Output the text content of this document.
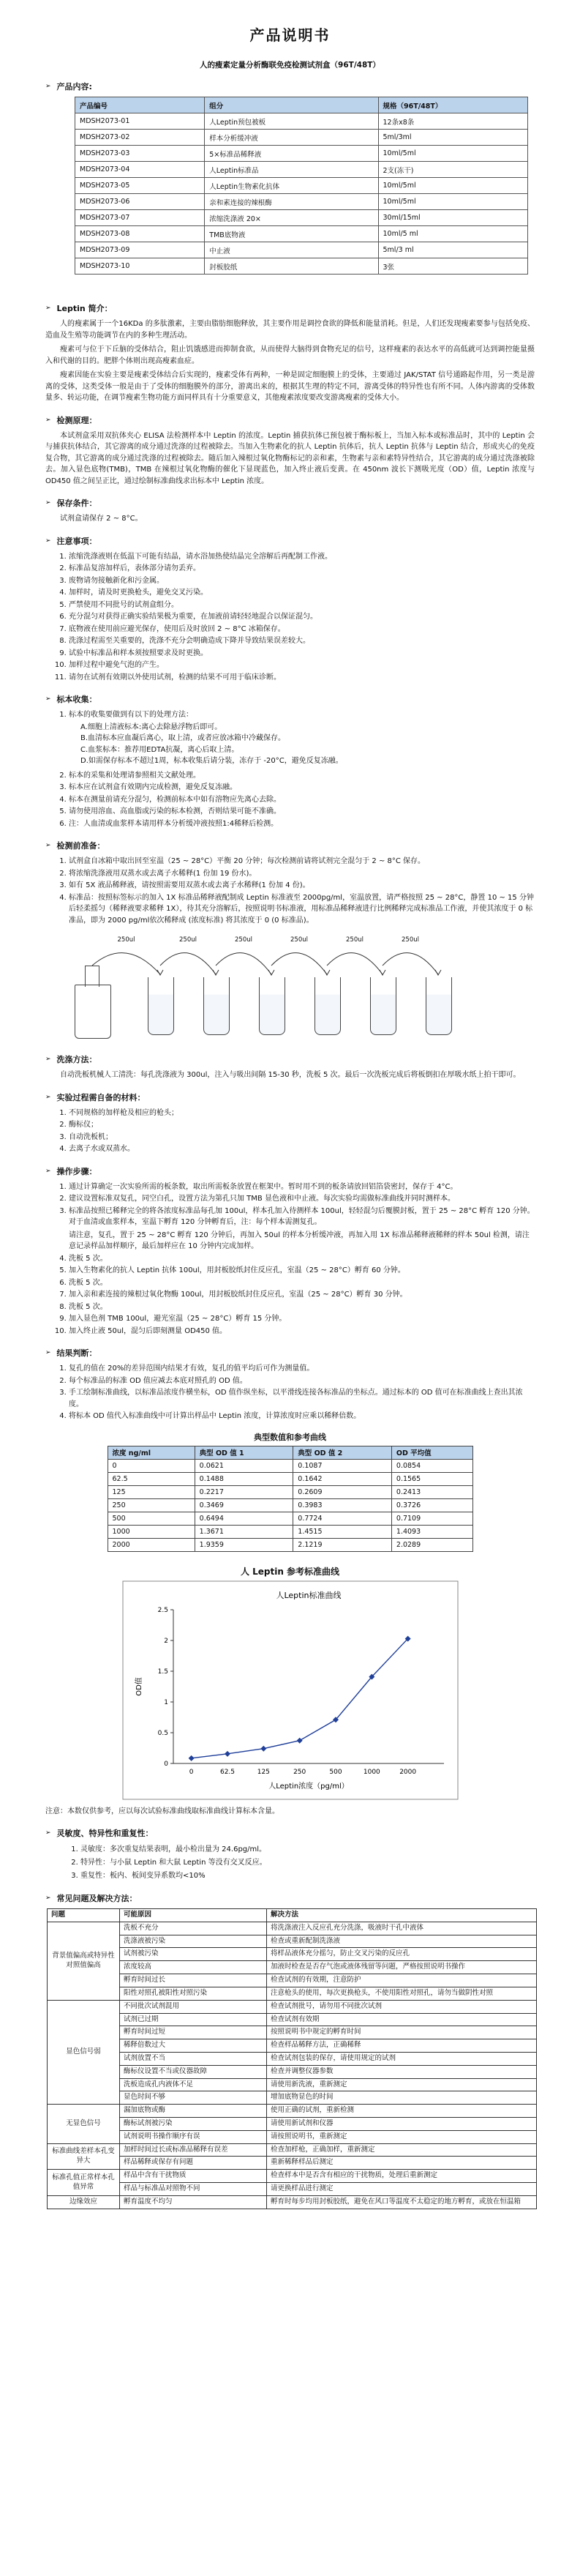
产品说明书
人的瘦素定量分析酶联免疫检测试剂盒（96T/48T）
➢ 产品内容:
产品编号	组分	规格（96T/48T）
MDSH2073-01	人Leptin预包被板	12条x8条
MDSH2073-02	样本分析缓冲液	5ml/3ml
MDSH2073-03	5×标准品稀释液	10ml/5ml
MDSH2073-04	人Leptin标准品	2支(冻干)
MDSH2073-05	人Leptin生物素化抗体	10ml/5ml
MDSH2073-06	亲和素连接的辣根酶	10ml/5ml
MDSH2073-07	浓缩洗涤液 20×	30ml/15ml
MDSH2073-08	TMB底物液	10ml/5 ml
MDSH2073-09	中止液	5ml/3 ml
MDSH2073-10	封板胶纸	3张
➢ Leptin 简介：

人的瘦素属于一个16KDa 的多肽激素，主要由脂肪细胞释放，其主要作用是调控食欲的降低和能量消耗。但是，人们还发现瘦素要参与包括免疫、造血及生殖等功能调节在内的多种生理活动。

瘦素可与位于下丘脑的受体结合，阻止饥饿感进而抑制食欲，从而使得大脑得到食物充足的信号，这样瘦素的表达水平的高低就可达到调控能量摄入和代谢的目的。肥胖个体则出现高瘦素血症。

瘦素因能在实验主要是瘦素受体结合后实现的，瘦素受体有两种，一种是固定细胞膜上的受体，主要通过 JAK/STAT 信号通路起作用，另一类是游离的受体，这类受体一般是由于了受体的细胞膜外的部分，游离出来的，根据其生理的特定不同，游离受体的特异性也有所不同。人体内游离的受体数量多、转运功能，在调节瘦素生物功能方面同样具有十分重要意义，其他瘦素浓度要改变游离瘦素的受体大小。

➢ 检测原理：

本试剂盒采用双抗体夹心 ELISA 法检测样本中 Leptin 的浓度。Leptin 捕获抗体已预包被于酶标板上，当加入标本或标准品时，其中的 Leptin 会与捕获抗体结合，其它游离的成分通过洗涤的过程被除去。当加入生物素化的抗人 Leptin 抗体后，抗人 Leptin 抗体与 Leptin 结合，形成夹心的免疫复合物，其它游离的成分通过洗涤的过程被除去。随后加入辣根过氧化物酶标记的亲和素，生物素与亲和素特异性结合，其它游离的成分通过洗涤被除去。加入显色底物(TMB)，TMB 在辣根过氧化物酶的催化下显现蓝色，加入终止液后变黄。在 450nm 波长下测吸光度（OD）值，Leptin 浓度与 OD450 值之间呈正比，通过绘制标准曲线求出标本中 Leptin 浓度。

➢ 保存条件：

试剂盒请保存 2 ~ 8°C。

➢ 注意事项：
1. 浓缩洗涤液则在低温下可能有结晶，请水浴加热使结晶完全溶解后再配制工作液。
2. 标准品复溶加样后，表体部分请勿丢弃。
3. 废物请勿接触新化和污金属。
4. 加样时，请及时更换枪头，避免交叉污染。
5. 严禁使用不同批号的试剂盒组分。
6. 充分混匀对获得正确实验结果极为重要，在加液前请轻轻地混合以保证混匀。
7. 底物液在使用前应避光保存，使用后及时放回 2 ~ 8°C 冰箱保存。
8. 洗涤过程需至关重要的，洗涤不充分会明确造成下降并导致结果误差较大。
9. 试验中标准品和样本须按照要求及时更换。
10. 加样过程中避免气泡的产生。
11. 请勿在试剂有效期以外使用试剂，检测的结果不可用于临床诊断。
➢ 标本收集：
1. 标本的收集要做到有以下的处理方法：
A.细胞上清液标本:离心去除悬浮物后即可。
B.血清标本应血凝后离心，取上清，或者应放冰箱中冷藏保存。
C.血浆标本：推荐用EDTA抗凝，离心后取上清。
D.如需保存标本不超过1周，标本收集后请分装，冻存于 -20°C，避免反复冻融。
2. 标本的采集和处理请参照相关文献处理。
3. 标本应在试剂盒有效期内完成检测，避免反复冻融。
4. 标本在测量前请充分混匀，检测前标本中如有溶物应先离心去除。
5. 请勿使用溶血、高血脂或污染的标本检测，否则结果可能不准确。
6. 注：人血清或血浆样本请用样本分析缓冲液按照1:4稀释后检测。
➢ 检测前准备：
1. 试剂盒自冰箱中取出回至室温（25 ~ 28°C）平衡 20 分钟；每次检测前请将试剂完全混匀于 2 ~ 8°C 保存。
2. 将浓缩洗涤液用双蒸水或去离子水稀释(1 份加 19 份水)。
3. 如有 5X 液品稀释液，请按照需要用双蒸水或去离子水稀释(1 份加 4 份)。
4. 标准品：按照标签标示的加入 1X 标准品稀释液配制成 Leptin 标准液至 2000pg/ml，室温放置，请严格按照 25 ~ 28°C，静置 10 ~ 15 分钟后轻柔摇匀（稀释液要求稀释 1X），待其充分溶解后，按照说明书标准液，用标准品稀释液进行比例稀释完成标准品工作液，并使其浓度于 0 标准品，即为 2000 pg/ml依次稀释成 (浓度标准) 将其浓度于 0 (0 标准品)。
250ul	250ul	250ul	250ul	250ul	250ul
➢ 洗涤方法：

自动洗板机械人工清洗：每孔洗涤液为 300ul，注入与吸出间隔 15-30 秒，洗板 5 次。最后一次洗板完成后将板倒扣在厚吸水纸上拍干即可。

➢ 实验过程需自备的材料：
1. 不同规格的加样枪及相应的枪头；
2. 酶标仪；
3. 自动洗板机；
4. 去离子水或双蒸水。
➢ 操作步骤：
1. 通过计算确定一次实验所需的板条数，取出所需板条放置在框架中。暂时用不到的板条请放回铝箔袋密封，保存于 4°C。
2. 建议设置标准双复孔，同空白孔，设置方法为第孔只加 TMB 显色液和中止液。每次实验均需做标准曲线并同时测样本。
3. 标准品按照已稀释完全的将各浓度标准品每孔加 100ul，样本孔加入待测样本 100ul，轻轻混匀后覆膜封板，置于 25 ~ 28°C 孵育 120 分钟。对于血清或血浆样本，室温下孵育 120 分钟孵育后，注：每个样本需测复孔。
请注意，复孔，置于 25 ~ 28°C 孵育 120 分钟后，再加入 50ul 的样本分析缓冲液，再加入用 1X 标准品稀释液稀释的样本 50ul 检测，请注意记录样品加样顺序，最后加样应在 10 分钟内完成加样。
4. 洗板 5 次。
5. 加入生物素化的抗人 Leptin 抗体 100ul，用封板胶纸封住反应孔，室温（25 ~ 28°C）孵育 60 分钟。
6. 洗板 5 次。
7. 加入亲和素连接的辣根过氧化物酶 100ul，用封板胶纸封住反应孔，室温（25 ~ 28°C）孵育 30 分钟。
8. 洗板 5 次。
9. 加入显色剂 TMB 100ul，避光室温（25 ~ 28°C）孵育 15 分钟。
10. 加入终止液 50ul，混匀后即刻测量 OD450 值。
➢ 结果判断：
1. 复孔的值在 20%的差异范围内结果才有效，复孔的值平均后可作为测量值。
2. 每个标准品的标准 OD 值应减去本底对照孔的 OD 值。
3. 手工绘制标准曲线，以标准品浓度作横坐标，OD 值作纵坐标，以平滑线连接各标准品的坐标点。通过标本的 OD 值可在标准曲线上查出其浓度。
4. 将标本 OD 值代入标准曲线中可计算出样品中 Leptin 浓度，计算浓度时应乘以稀释倍数。
典型数值和参考曲线
浓度 ng/ml	典型 OD 值 1	典型 OD 值 2	OD 平均值
0	0.0621	0.1087	0.0854
62.5	0.1488	0.1642	0.1565
125	0.2217	0.2609	0.2413
250	0.3469	0.3983	0.3726
500	0.6494	0.7724	0.7109
1000	1.3671	1.4515	1.4093
2000	1.9359	2.1219	2.0289
人 Leptin 参考标准曲线
人Leptin标准曲线
0
0.5
1
1.5
2
2.5
0	62.5	125	250	500	1000	2000
人Leptin浓度（pg/ml）
OD值

注意：本数仅供参考，应以每次试验标准曲线取标准曲线计算标本含量。

➢ 灵敏度、特异性和重复性：
1. 灵敏度：多次重复结果表明，最小检出量为 24.6pg/ml。
2. 特异性：与小鼠 Leptin 和大鼠 Leptin 等没有交叉反应。
3. 重复性：板内、板间变异系数均<10%
➢ 常见问题及解决方法：
问题	可能原因	解决方法
背景值偏高或特异性对照值偏高	洗板不充分	将洗涤液注入反应孔充分洗涤，吸液时干孔中液体
	洗涤液被污染	检查或重新配制洗涤液
	试剂被污染	将样品液体充分摇匀，防止交叉污染的反应孔
	浓度较高	加液时检查是否存气泡或液体残留等问题，严格按照说明书操作
	孵育时间过长	检查试剂的有效期，注意防护
	阳性对照孔被阳性对照污染	注意枪头的使用，每次更换枪头，不使用阳性对照孔，请勿当做阴性对照
显色信号弱	不同批次试剂混用	检查试剂批号，请勿用不同批次试剂
	试剂已过期	检查试剂有效期
	孵育时间过短	按照说明书中规定的孵育时间
	稀释倍数过大	检查样品稀释方法，正确稀释
	试剂放置不当	检查试剂包装的保存，请使用规定的试剂
	酶标仪设置不当或仪器故障	检查并调整仪器参数
	洗板造成孔内液体不足	请使用新洗液，重新测定
	显色时间不够	增加底物显色的时间
无显色信号	漏加底物或酶	使用正确的试剂，重新检测
	酶标试剂被污染	请使用新试剂和仪器
	试剂说明书操作顺序有误	请按照说明书，重新测定
标准曲线差样本孔变异大	加样时间过长或标准品稀释有误差	检查加样枪，正确加样，重新测定
	样品稀释或保存有问题	重新稀释样品后测定
标准孔值正常样本孔值异常	样品中含有干扰物质	检查样本中是否含有相应的干扰物质，处理后重新测定
	样品与标准品对照物不同	请更换样品进行测定
边缘效应	孵育温度不均匀	孵育时每步均用封板胶纸，避免在风口等温度不太稳定的地方孵育，或放在恒温箱
